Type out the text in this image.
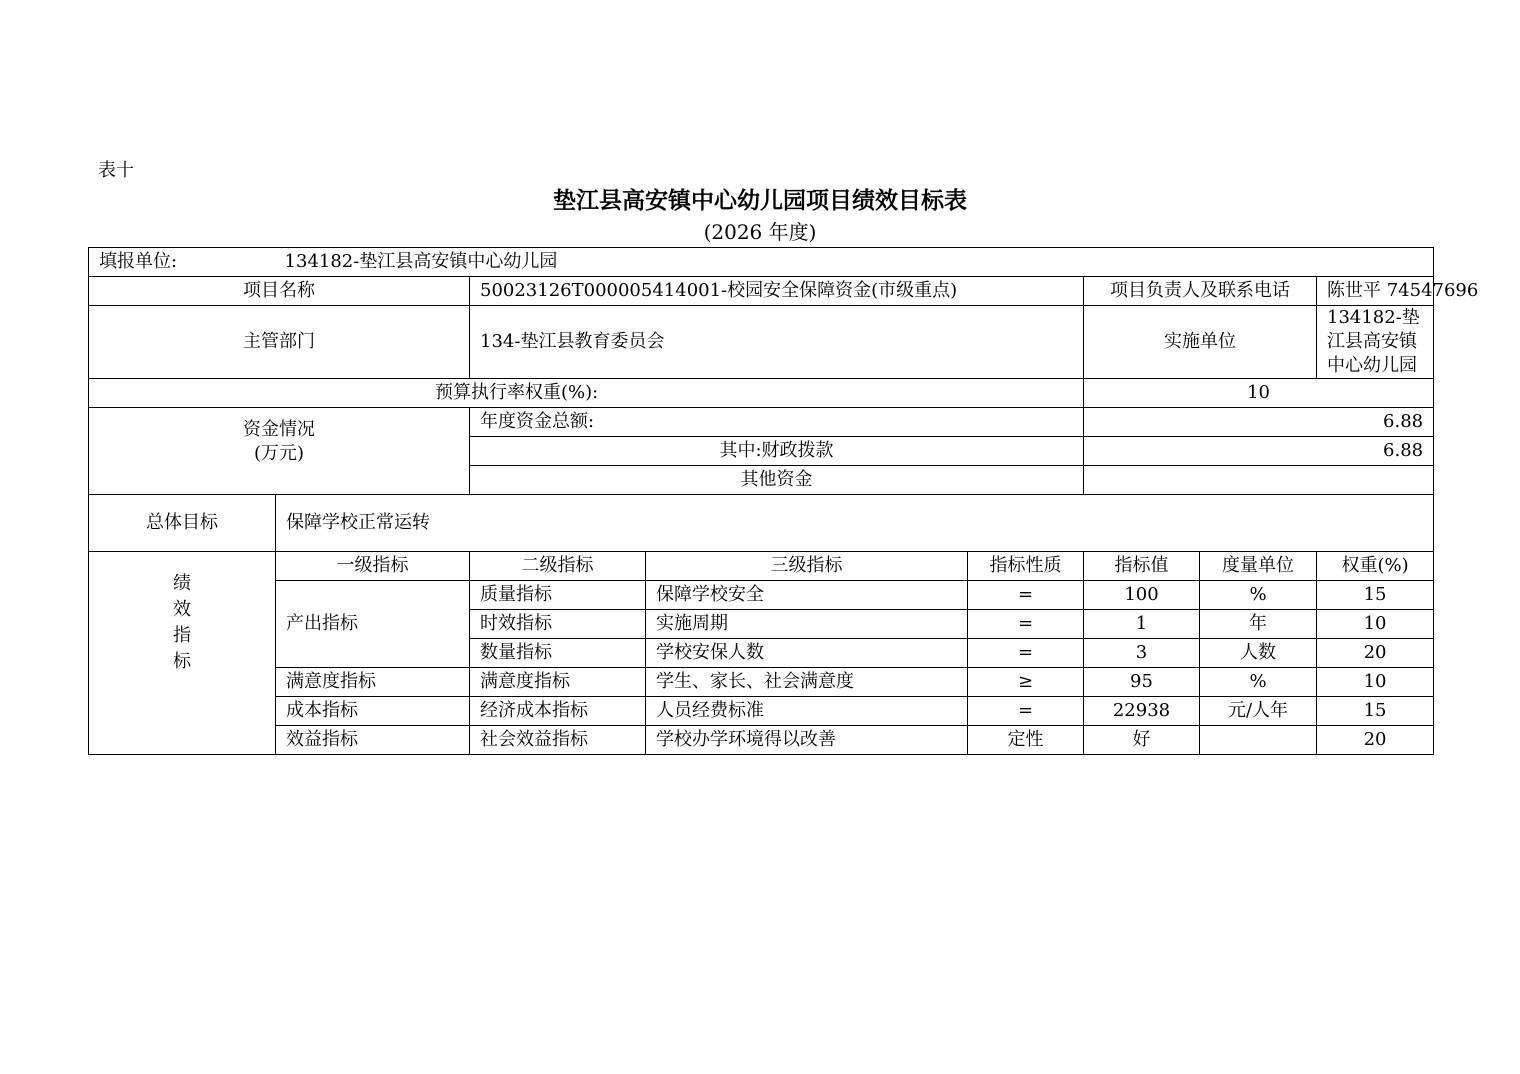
表十
垫江县高安镇中心幼儿园项目绩效目标表
(2026 年度)
填报单位: 134182-垫江县高安镇中心幼儿园							
项目名称		50023126T000005414001-校园安全保障资金(市级重点)			项目负责人及联系电话		陈世平 74547696
主管部门		134-垫江县教育委员会			实施单位		134182-垫江县高安镇中心幼儿园
预算执行率权重(%):					10		

资金情况
(万元)		年度资金总额:			6.88		
		其中:财政拨款			6.88		
		其他资金					
总体目标	保障学校正常运转						

绩
效
指
标	一级指标	二级指标	三级指标	指标性质	指标值	度量单位	权重(%)
	产出指标	质量指标	保障学校安全	=	100	%	15
		时效指标	实施周期	=	1	年	10
		数量指标	学校安保人数	=	3	人数	20
	满意度指标	满意度指标	学生、家长、社会满意度	≥	95	%	10
	成本指标	经济成本指标	人员经费标准	=	22938	元/人年	15
	效益指标	社会效益指标	学校办学环境得以改善	定性	好		20
